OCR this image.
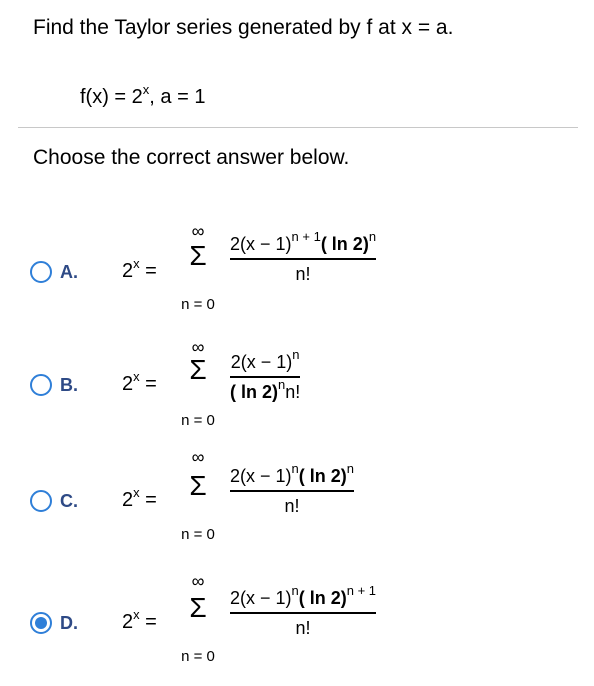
Find the Taylor series generated by f at x = a.
$f(x) = 2^x$, a = 1
Choose the correct answer below.
A. $2^x$ =
∞
Σ
n = 0
$2(x - 1)^{n + 1}$( ln 2)$^n$
n!
B. $2^x$ =
∞
Σ
n = 0
$2(x - 1)^n$
( ln 2)$^n$n!
C. $2^x$ =
∞
Σ
n = 0
$2(x - 1)^n$( ln 2)$^n$
n!
D. $2^x$ =
∞
Σ
n = 0
$2(x - 1)^n$( ln 2)$^{n + 1}$
n!
